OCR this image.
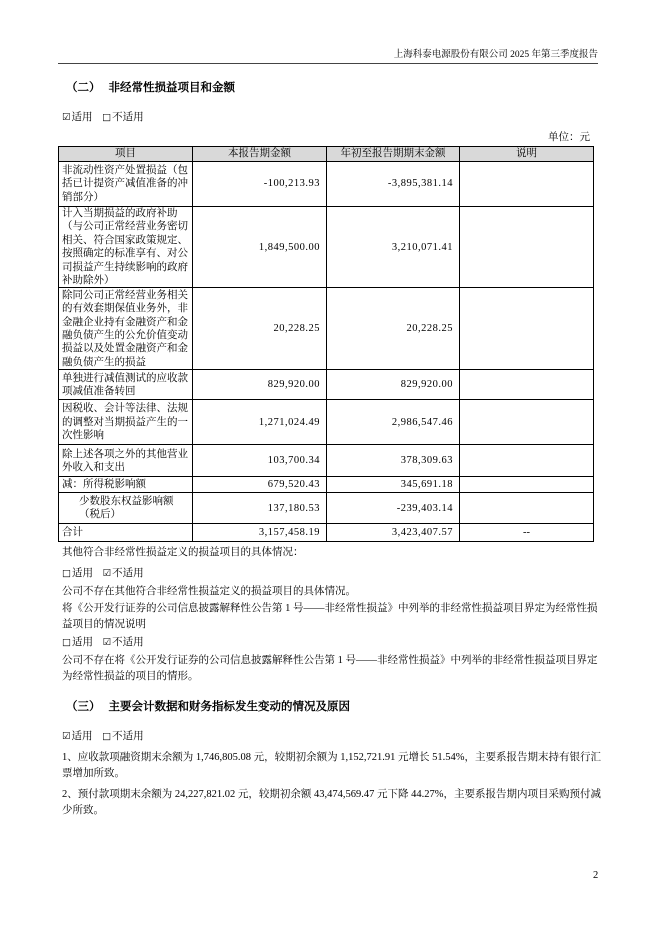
上海科泰电源股份有限公司 2025 年第三季度报告
（二） 非经常性损益项目和金额
☑适用 □不适用
单位：元
项目	本报告期金额	年初至报告期期末金额	说明
非流动性资产处置损益（包括已计提资产减值准备的冲销部分）	-100,213.93	-3,895,381.14	
计入当期损益的政府补助（与公司正常经营业务密切相关、符合国家政策规定、按照确定的标准享有、对公司损益产生持续影响的政府补助除外）	1,849,500.00	3,210,071.41	
除同公司正常经营业务相关的有效套期保值业务外，非金融企业持有金融资产和金融负债产生的公允价值变动损益以及处置金融资产和金融负债产生的损益	20,228.25	20,228.25	
单独进行减值测试的应收款项减值准备转回	829,920.00	829,920.00	
因税收、会计等法律、法规的调整对当期损益产生的一次性影响	1,271,024.49	2,986,547.46	
除上述各项之外的其他营业外收入和支出	103,700.34	378,309.63	
减：所得税影响额	679,520.43	345,691.18	
少数股东权益影响额（税后）	137,180.53	-239,403.14	
合计	3,157,458.19	3,423,407.57	--
其他符合非经常性损益定义的损益项目的具体情况：
□适用 ☑不适用
公司不存在其他符合非经常性损益定义的损益项目的具体情况。
将《公开发行证券的公司信息披露解释性公告第 1 号——非经常性损益》中列举的非经常性损益项目界定为经常性损益项目的情况说明
□适用 ☑不适用
公司不存在将《公开发行证券的公司信息披露解释性公告第 1 号——非经常性损益》中列举的非经常性损益项目界定为经常性损益的项目的情形。
（三） 主要会计数据和财务指标发生变动的情况及原因
☑适用 □不适用
1、应收款项融资期末余额为 1,746,805.08 元，较期初余额为 1,152,721.91 元增长 51.54%，主要系报告期末持有银行汇票增加所致。
2、预付款项期末余额为 24,227,821.02 元，较期初余额 43,474,569.47 元下降 44.27%，主要系报告期内项目采购预付减少所致。
2
